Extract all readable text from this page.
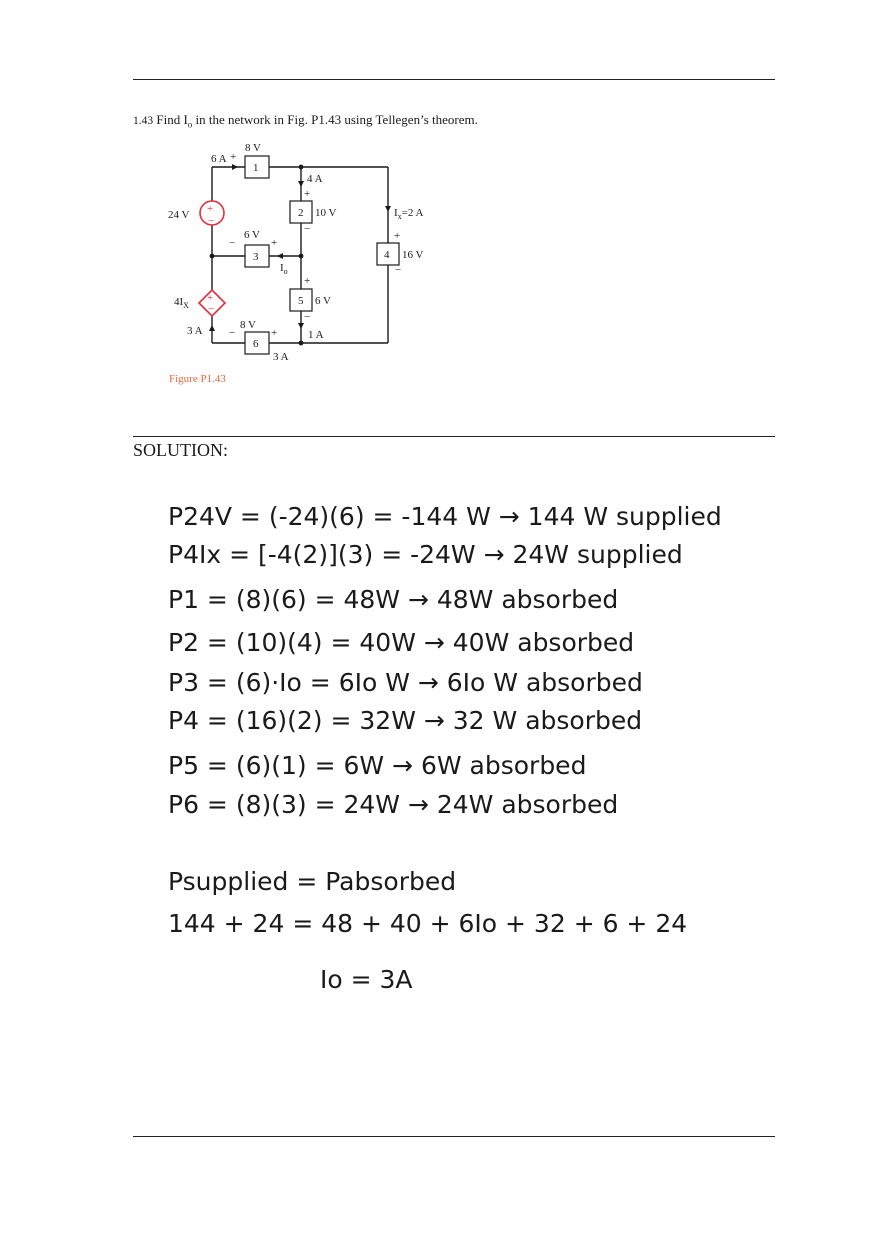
1.43 Find $I_o$ in the network in Fig. P1.43 using Tellegen’s theorem.
8 V
6 A +
1
4 A
+
2 10 V
−
$I_x=2$ A
24 V +
−
6 V
−	+
3
+
4 16 V
−
$I_o$
$4I_X$
+
−
+
5 6 V
−
3 A	8 V
−	+	1 A
6
3 A
Figure P1.43
SOLUTION:
P24V = (-24)(6) = -144 W → 144 W supplied
P4Ix = [-4(2)](3) = -24W → 24W supplied
P1 = (8)(6) = 48W → 48W absorbed
P2 = (10)(4) = 40W → 40W absorbed
P3 = (6)·Io = 6Io W → 6Io W absorbed
P4 = (16)(2) = 32W → 32 W absorbed
P5 = (6)(1) = 6W → 6W absorbed
P6 = (8)(3) = 24W → 24W absorbed
Psupplied = Pabsorbed
144 + 24 = 48 + 40 + 6Io + 32 + 6 + 24
Io = 3A
